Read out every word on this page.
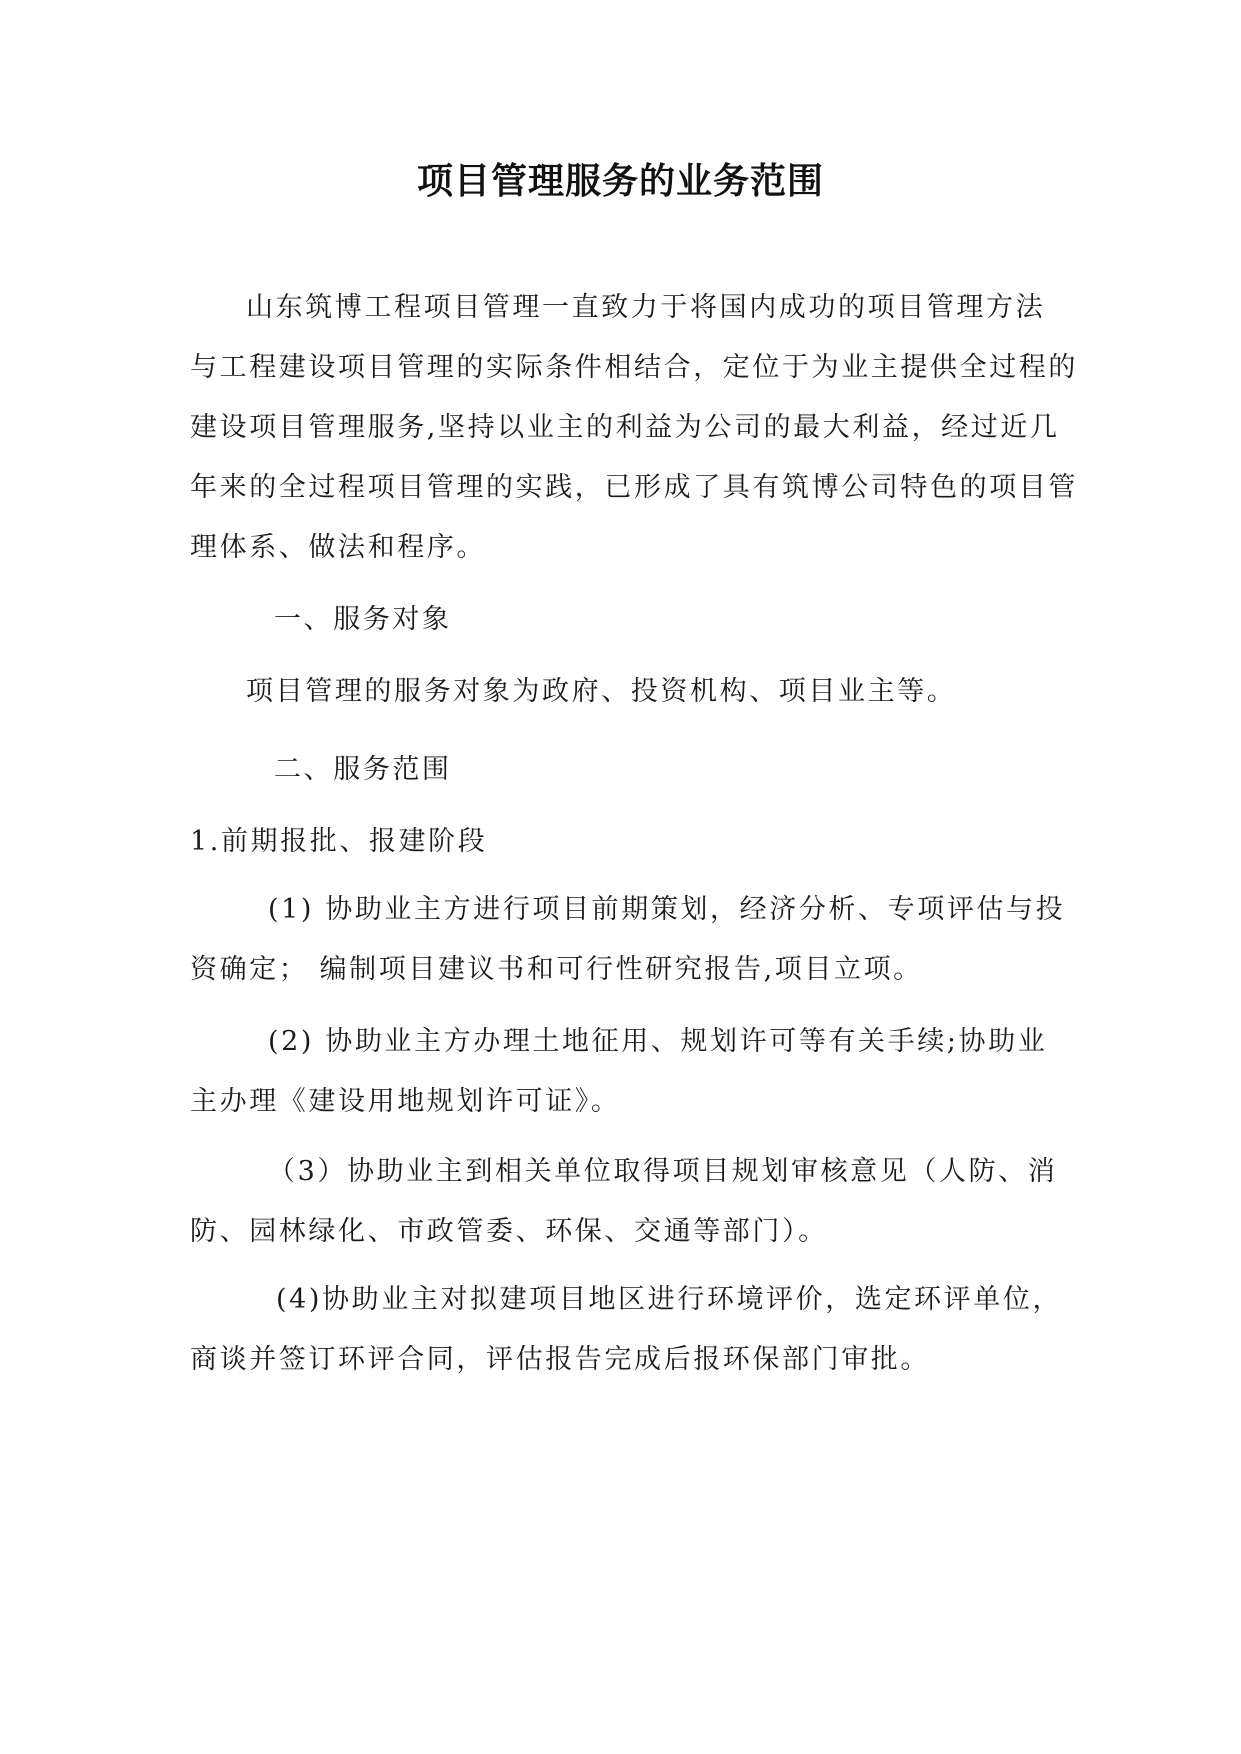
项目管理服务的业务范围
山东筑博工程项目管理一直致力于将国内成功的项目管理方法
与工程建设项目管理的实际条件相结合，定位于为业主提供全过程的
建设项目管理服务,坚持以业主的利益为公司的最大利益，经过近几
年来的全过程项目管理的实践，已形成了具有筑博公司特色的项目管
理体系、做法和程序。
一、服务对象
项目管理的服务对象为政府、投资机构、项目业主等。
二、服务范围
1.前期报批、报建阶段
(1) 协助业主方进行项目前期策划，经济分析、专项评估与投
资确定； 编制项目建议书和可行性研究报告,项目立项。
(2) 协助业主方办理土地征用、规划许可等有关手续;协助业
主办理《建设用地规划许可证》。
（3）协助业主到相关单位取得项目规划审核意见（人防、消
防、园林绿化、市政管委、环保、交通等部门）。
(4)协助业主对拟建项目地区进行环境评价，选定环评单位，
商谈并签订环评合同，评估报告完成后报环保部门审批。
